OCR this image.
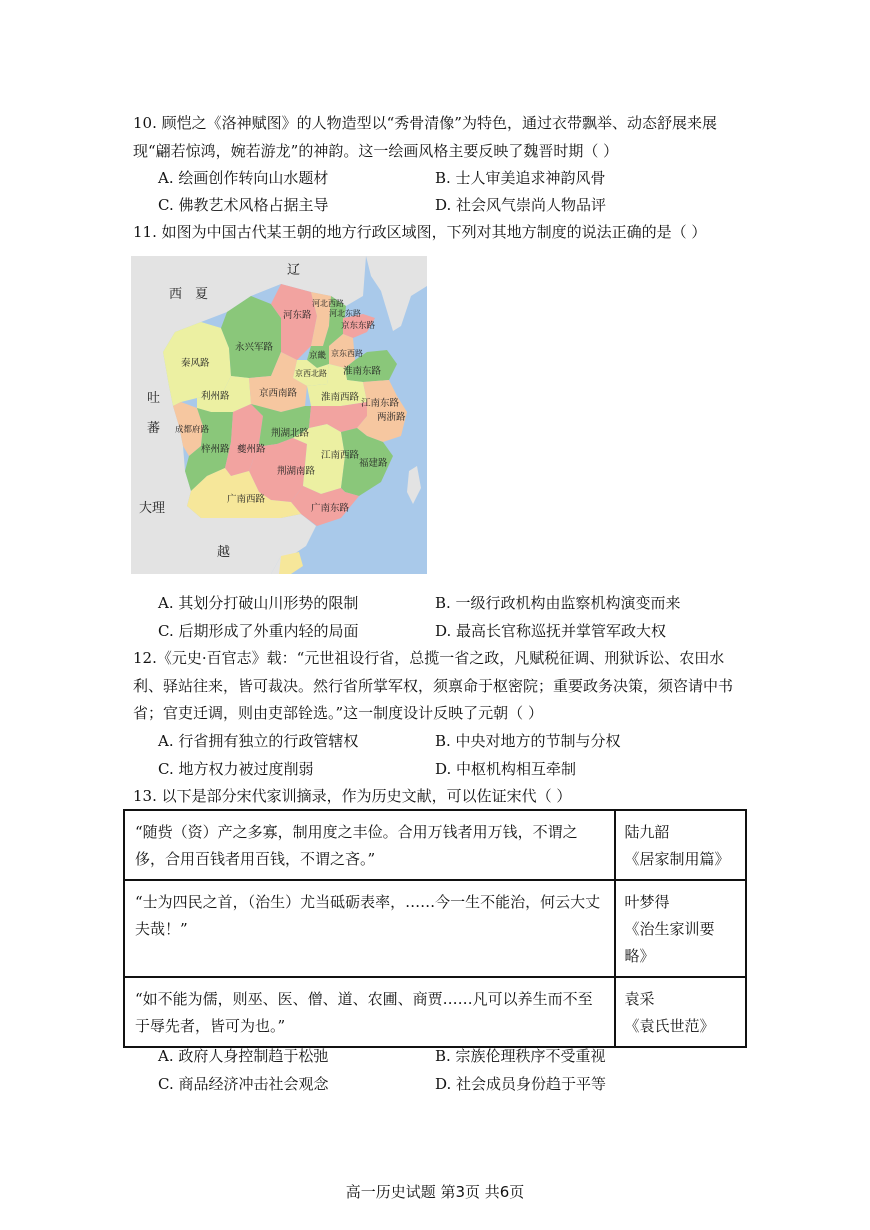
10. 顾恺之《洛神赋图》的人物造型以“秀骨清像”为特色，通过衣带飘举、动态舒展来展
现“翩若惊鸿，婉若游龙”的神韵。这一绘画风格主要反映了魏晋时期（ ）
A. 绘画创作转向山水题材	B. 士人审美追求神韵风骨
C. 佛教艺术风格占据主导	D. 社会风气崇尚人物品评
11. 如图为中国古代某王朝的地方行政区域图，下列对其地方制度的说法正确的是（ ）
辽
西 夏
吐
蕃
大理
越
河东路
河北西路
河北东路
京东东路
京东西路
京畿
京西北路
秦风路
永兴军路
利州路	京西南路
淮南东路
淮南西路
成都府路
梓州路 夔州路
荆湖北路
荆湖南路
江南西路
江南东路
两浙路
福建路
广南东路
广南西路
A. 其划分打破山川形势的限制	B. 一级行政机构由监察机构演变而来
C. 后期形成了外重内轻的局面	D. 最高长官称巡抚并掌管军政大权
12.《元史·百官志》载：“元世祖设行省，总揽一省之政，凡赋税征调、刑狱诉讼、农田水
利、驿站往来，皆可裁决。然行省所掌军权，须禀命于枢密院；重要政务决策，须咨请中书
省；官吏迁调，则由吏部铨选。”这一制度设计反映了元朝（ ）
A. 行省拥有独立的行政管辖权	B. 中央对地方的节制与分权
C. 地方权力被过度削弱	D. 中枢机构相互牵制
13. 以下是部分宋代家训摘录，作为历史文献，可以佐证宋代（ ）
“随赀（资）产之多寡，制用度之丰俭。合用万钱者用万钱，不谓之侈，合用百钱者用百钱，不谓之吝。”	陆九韶
《居家制用篇》

“士为四民之首，（治生）尤当砥砺表率，……今一生不能治，何云大丈夫哉！”	叶梦得
《治生家训要略》

“如不能为儒，则巫、医、僧、道、农圃、商贾……凡可以养生而不至于辱先者，皆可为也。”	袁采
《袁氏世范》
A. 政府人身控制趋于松弛	B. 宗族伦理秩序不受重视
C. 商品经济冲击社会观念	D. 社会成员身份趋于平等
高一历史试题 第3页 共6页
